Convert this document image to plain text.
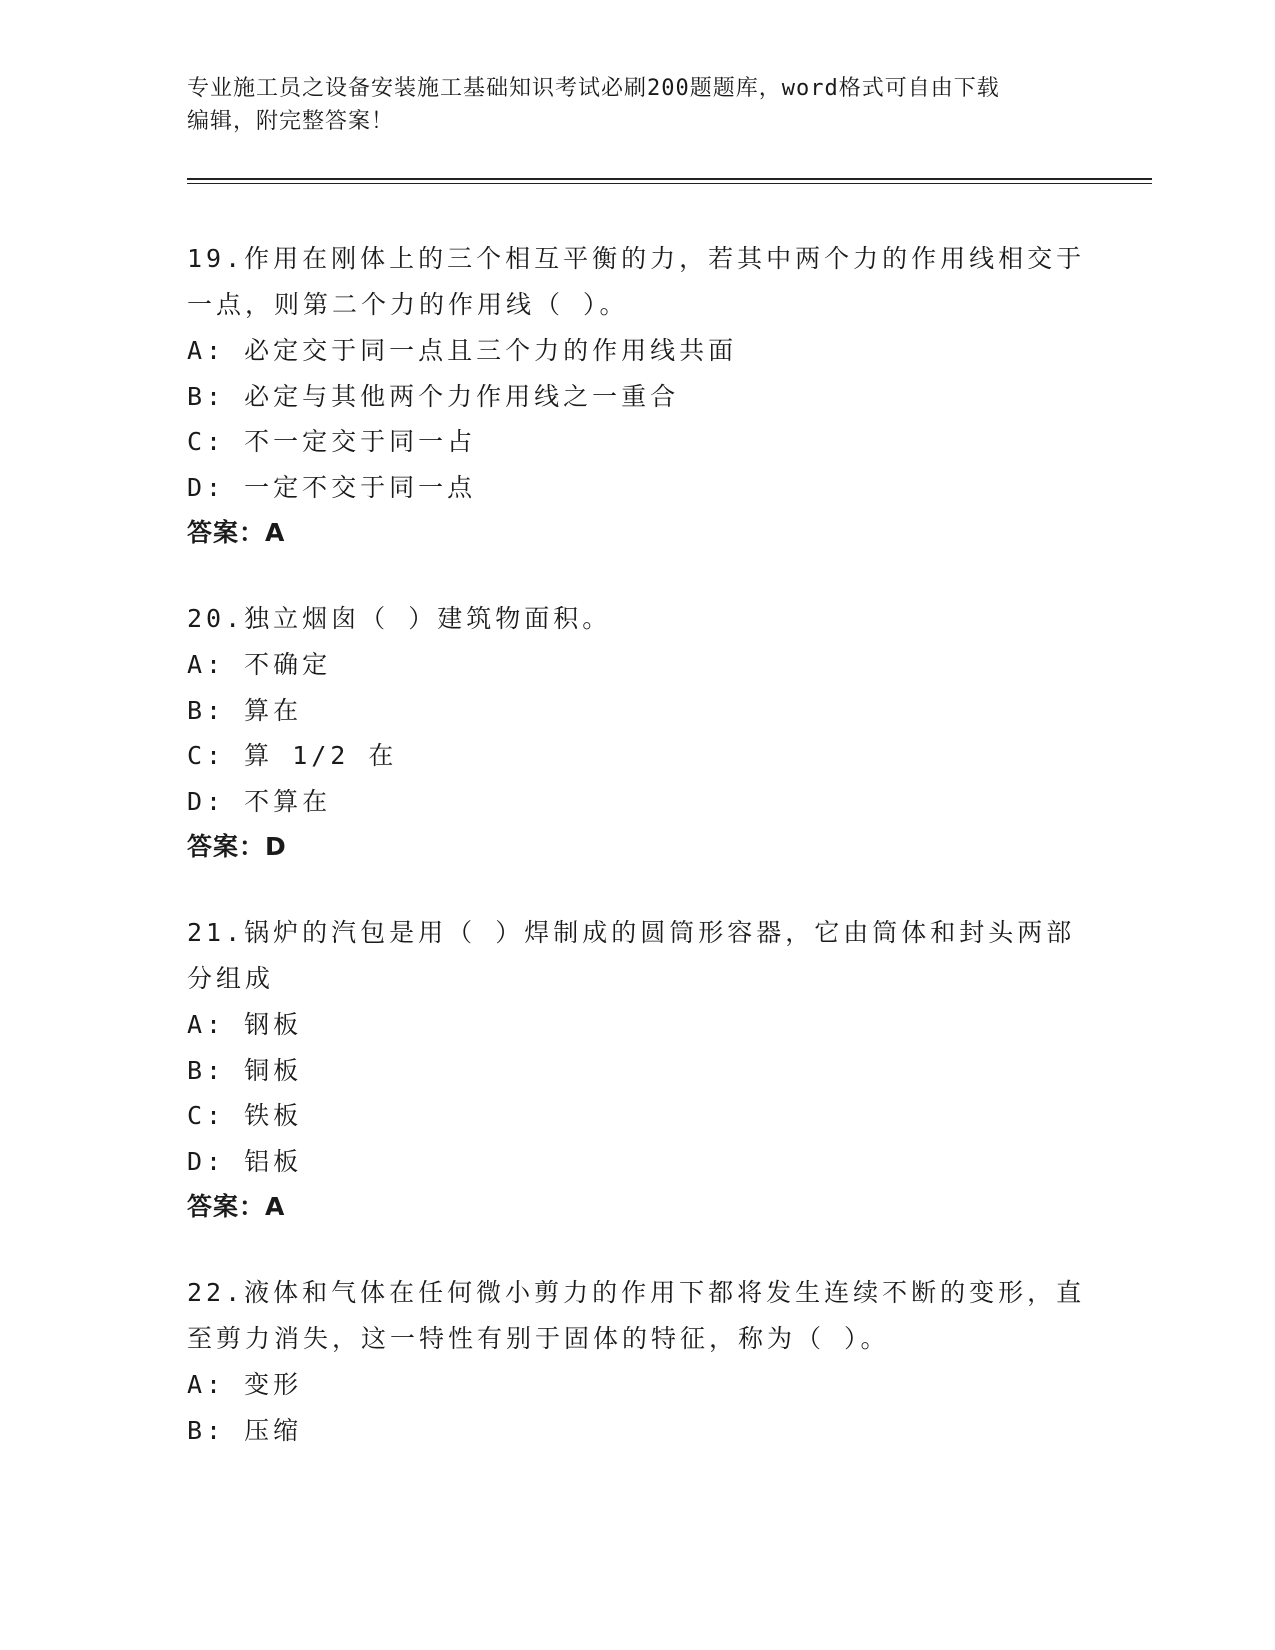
专业施工员之设备安装施工基础知识考试必刷200题题库，word格式可自由下载
编辑，附完整答案！
19.作用在刚体上的三个相互平衡的力，若其中两个力的作用线相交于
一点，则第二个力的作用线（ ）。
A: 必定交于同一点且三个力的作用线共面
B: 必定与其他两个力作用线之一重合
C: 不一定交于同一占
D: 一定不交于同一点
答案：A
20.独立烟囱（ ）建筑物面积。
A: 不确定
B: 算在
C: 算 1/2 在
D: 不算在
答案：D
21.锅炉的汽包是用（ ）焊制成的圆筒形容器，它由筒体和封头两部
分组成
A: 钢板
B: 铜板
C: 铁板
D: 铝板
答案：A
22.液体和气体在任何微小剪力的作用下都将发生连续不断的变形，直
至剪力消失，这一特性有别于固体的特征，称为（ ）。
A: 变形
B: 压缩
